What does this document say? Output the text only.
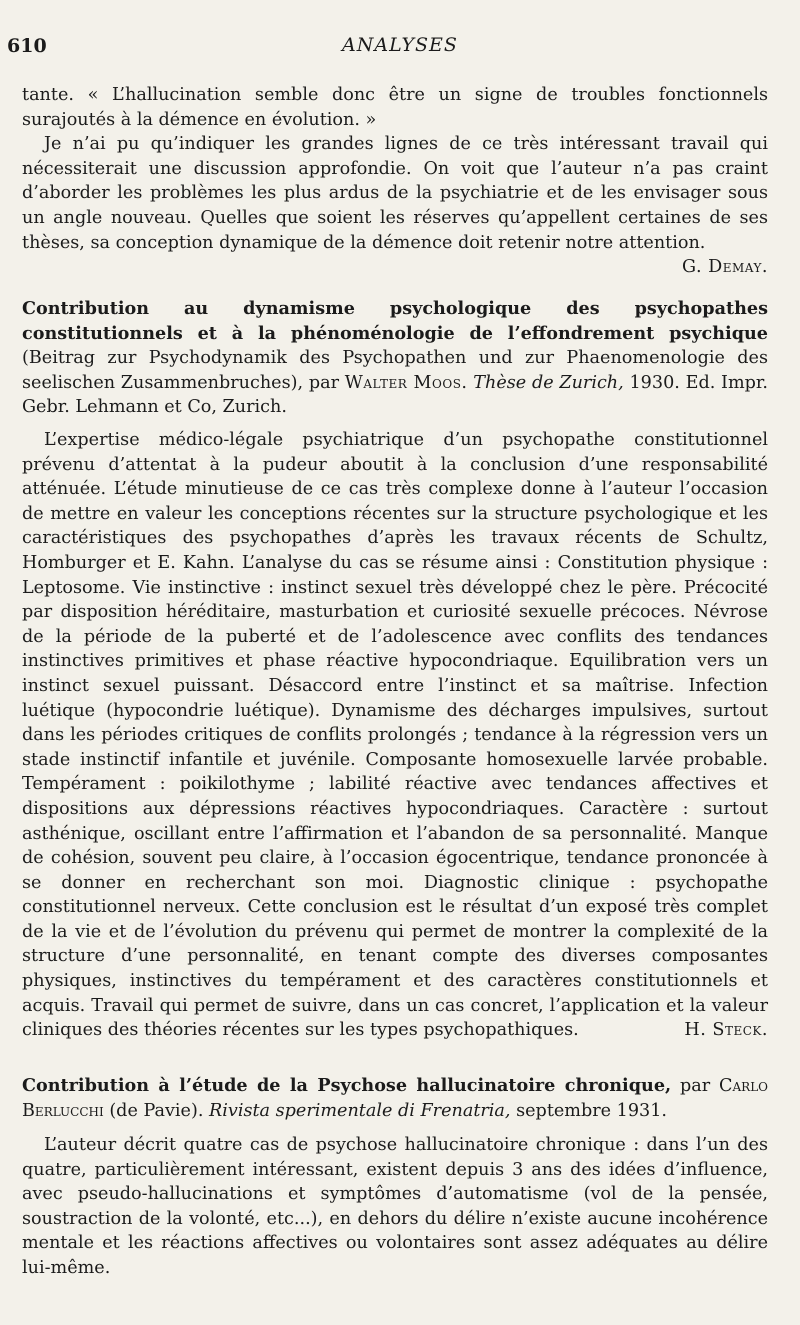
610	ANALYSES

tante. « L’hallucination semble donc être un signe de troubles fonctionnels surajoutés à la démence en évolution. »

Je n’ai pu qu’indiquer les grandes lignes de ce très intéressant travail qui nécessiterait une discussion approfondie. On voit que l’auteur n’a pas craint d’aborder les problèmes les plus ardus de la psychiatrie et de les envisager sous un angle nouveau. Quelles que soient les réserves qu’appellent certaines de ses thèses, sa conception dynamique de la démence doit retenir notre attention.
G. Demay.

Contribution au dynamisme psychologique des psychopathes constitutionnels et à la phénoménologie de l’effondrement psychique (Beitrag zur Psychodynamik des Psychopathen und zur Phaenomenologie des seelischen Zusammenbruches), par Walter Moos. Thèse de Zurich, 1930. Ed. Impr. Gebr. Lehmann et Co, Zurich.

L’expertise médico-légale psychiatrique d’un psychopathe constitutionnel prévenu d’attentat à la pudeur aboutit à la conclusion d’une responsabilité atténuée. L’étude minutieuse de ce cas très complexe donne à l’auteur l’occasion de mettre en valeur les conceptions récentes sur la structure psychologique et les caractéristiques des psychopathes d’après les travaux récents de Schultz, Homburger et E. Kahn. L’analyse du cas se résume ainsi : Constitution physique : Leptosome. Vie instinctive : instinct sexuel très développé chez le père. Précocité par disposition héréditaire, masturbation et curiosité sexuelle précoces. Névrose de la période de la puberté et de l’adolescence avec conflits des tendances instinctives primitives et phase réactive hypocondriaque. Equilibration vers un instinct sexuel puissant. Désaccord entre l’instinct et sa maîtrise. Infection luétique (hypocondrie luétique). Dynamisme des décharges impulsives, surtout dans les périodes critiques de conflits prolongés ; tendance à la régression vers un stade instinctif infantile et juvénile. Composante homosexuelle larvée probable. Tempérament : poikilothyme ; labilité réactive avec tendances affectives et dispositions aux dépressions réactives hypocondriaques. Caractère : surtout asthénique, oscillant entre l’affirmation et l’abandon de sa personnalité. Manque de cohésion, souvent peu claire, à l’occasion égocentrique, tendance prononcée à se donner en recherchant son moi. Diagnostic clinique : psychopathe constitutionnel nerveux. Cette conclusion est le résultat d’un exposé très complet de la vie et de l’évolution du prévenu qui permet de montrer la complexité de la structure d’une personnalité, en tenant compte des diverses composantes physiques, instinctives du tempérament et des caractères constitutionnels et acquis. Travail qui permet de suivre, dans un cas concret, l’application et la valeur cliniques des théories récentes sur les types psychopathiques.	H. Steck.

Contribution à l’étude de la Psychose hallucinatoire chronique, par Carlo Berlucchi (de Pavie). Rivista sperimentale di Frenatria, septembre 1931.

L’auteur décrit quatre cas de psychose hallucinatoire chronique : dans l’un des quatre, particulièrement intéressant, existent depuis 3 ans des idées d’influence, avec pseudo-hallucinations et symptômes d’automatisme (vol de la pensée, soustraction de la volonté, etc...), en dehors du délire n’existe aucune incohérence mentale et les réactions affectives ou volontaires sont assez adéquates au délire lui-même.
